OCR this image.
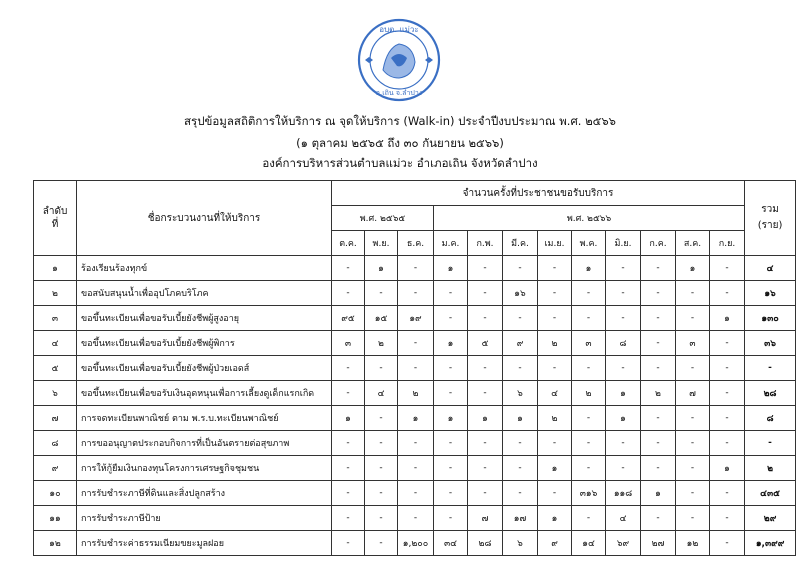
อบต. แม่วะ
อ.เถิน จ.ลำปาง
สรุปข้อมูลสถิติการให้บริการ ณ จุดให้บริการ (Walk-in) ประจำปีงบประมาณ พ.ศ. ๒๕๖๖
(๑ ตุลาคม ๒๕๖๕ ถึง ๓๐ กันยายน ๒๕๖๖)
องค์การบริหารส่วนตำบลแม่วะ อำเภอเถิน จังหวัดลำปาง
ลำดับ
ที่	ชื่อกระบวนงานที่ให้บริการ	จำนวนครั้งที่ประชาชนขอรับบริการ												รวม
(ราย)
		พ.ศ. ๒๕๖๕			พ.ศ. ๒๕๖๖									
		ต.ค.	พ.ย.	ธ.ค.	ม.ค.	ก.พ.	มี.ค.	เม.ย.	พ.ค.	มิ.ย.	ก.ค.	ส.ค.	ก.ย.	
๑	ร้องเรียนร้องทุกข์	-	๑	-	๑	-	-	-	๑	-	-	๑	-	๔
๒	ขอสนับสนุนน้ำเพื่ออุปโภคบริโภค	-	-	-	-	-	๑๖	-	-	-	-	-	-	๑๖
๓	ขอขึ้นทะเบียนเพื่อขอรับเบี้ยยังชีพผู้สูงอายุ	๙๕	๑๕	๑๙	-	-	-	-	-	-	-	-	๑	๑๓๐
๔	ขอขึ้นทะเบียนเพื่อขอรับเบี้ยยังชีพผู้พิการ	๓	๒	-	๑	๕	๙	๒	๓	๘	-	๓	-	๓๖
๕	ขอขึ้นทะเบียนเพื่อขอรับเบี้ยยังชีพผู้ป่วยเอดส์	-	-	-	-	-	-	-	-	-	-	-	-	-
๖	ขอขึ้นทะเบียนเพื่อขอรับเงินอุดหนุนเพื่อการเลี้ยงดูเด็กแรกเกิด	-	๔	๒	-	-	๖	๔	๒	๑	๒	๗	-	๒๘
๗	การจดทะเบียนพาณิชย์ ตาม พ.ร.บ.ทะเบียนพาณิชย์	๑	-	๑	๑	๑	๑	๒	-	๑	-	-	-	๘
๘	การขออนุญาตประกอบกิจการที่เป็นอันตรายต่อสุขภาพ	-	-	-	-	-	-	-	-	-	-	-	-	-
๙	การให้กู้ยืมเงินกองทุนโครงการเศรษฐกิจชุมชน	-	-	-	-	-	-	๑	-	-	-	-	๑	๒
๑๐	การรับชำระภาษีที่ดินและสิ่งปลูกสร้าง	-	-	-	-	-	-	-	๓๑๖	๑๑๘	๑	-	-	๔๓๕
๑๑	การรับชำระภาษีป้าย	-	-	-	-	๗	๑๗	๑	-	๔	-	-	-	๒๙
๑๒	การรับชำระค่าธรรมเนียมขยะมูลฝอย	-	-	๑,๒๐๐	๓๔	๒๘	๖	๙	๑๔	๖๙	๒๗	๑๒	-	๑,๓๙๙
